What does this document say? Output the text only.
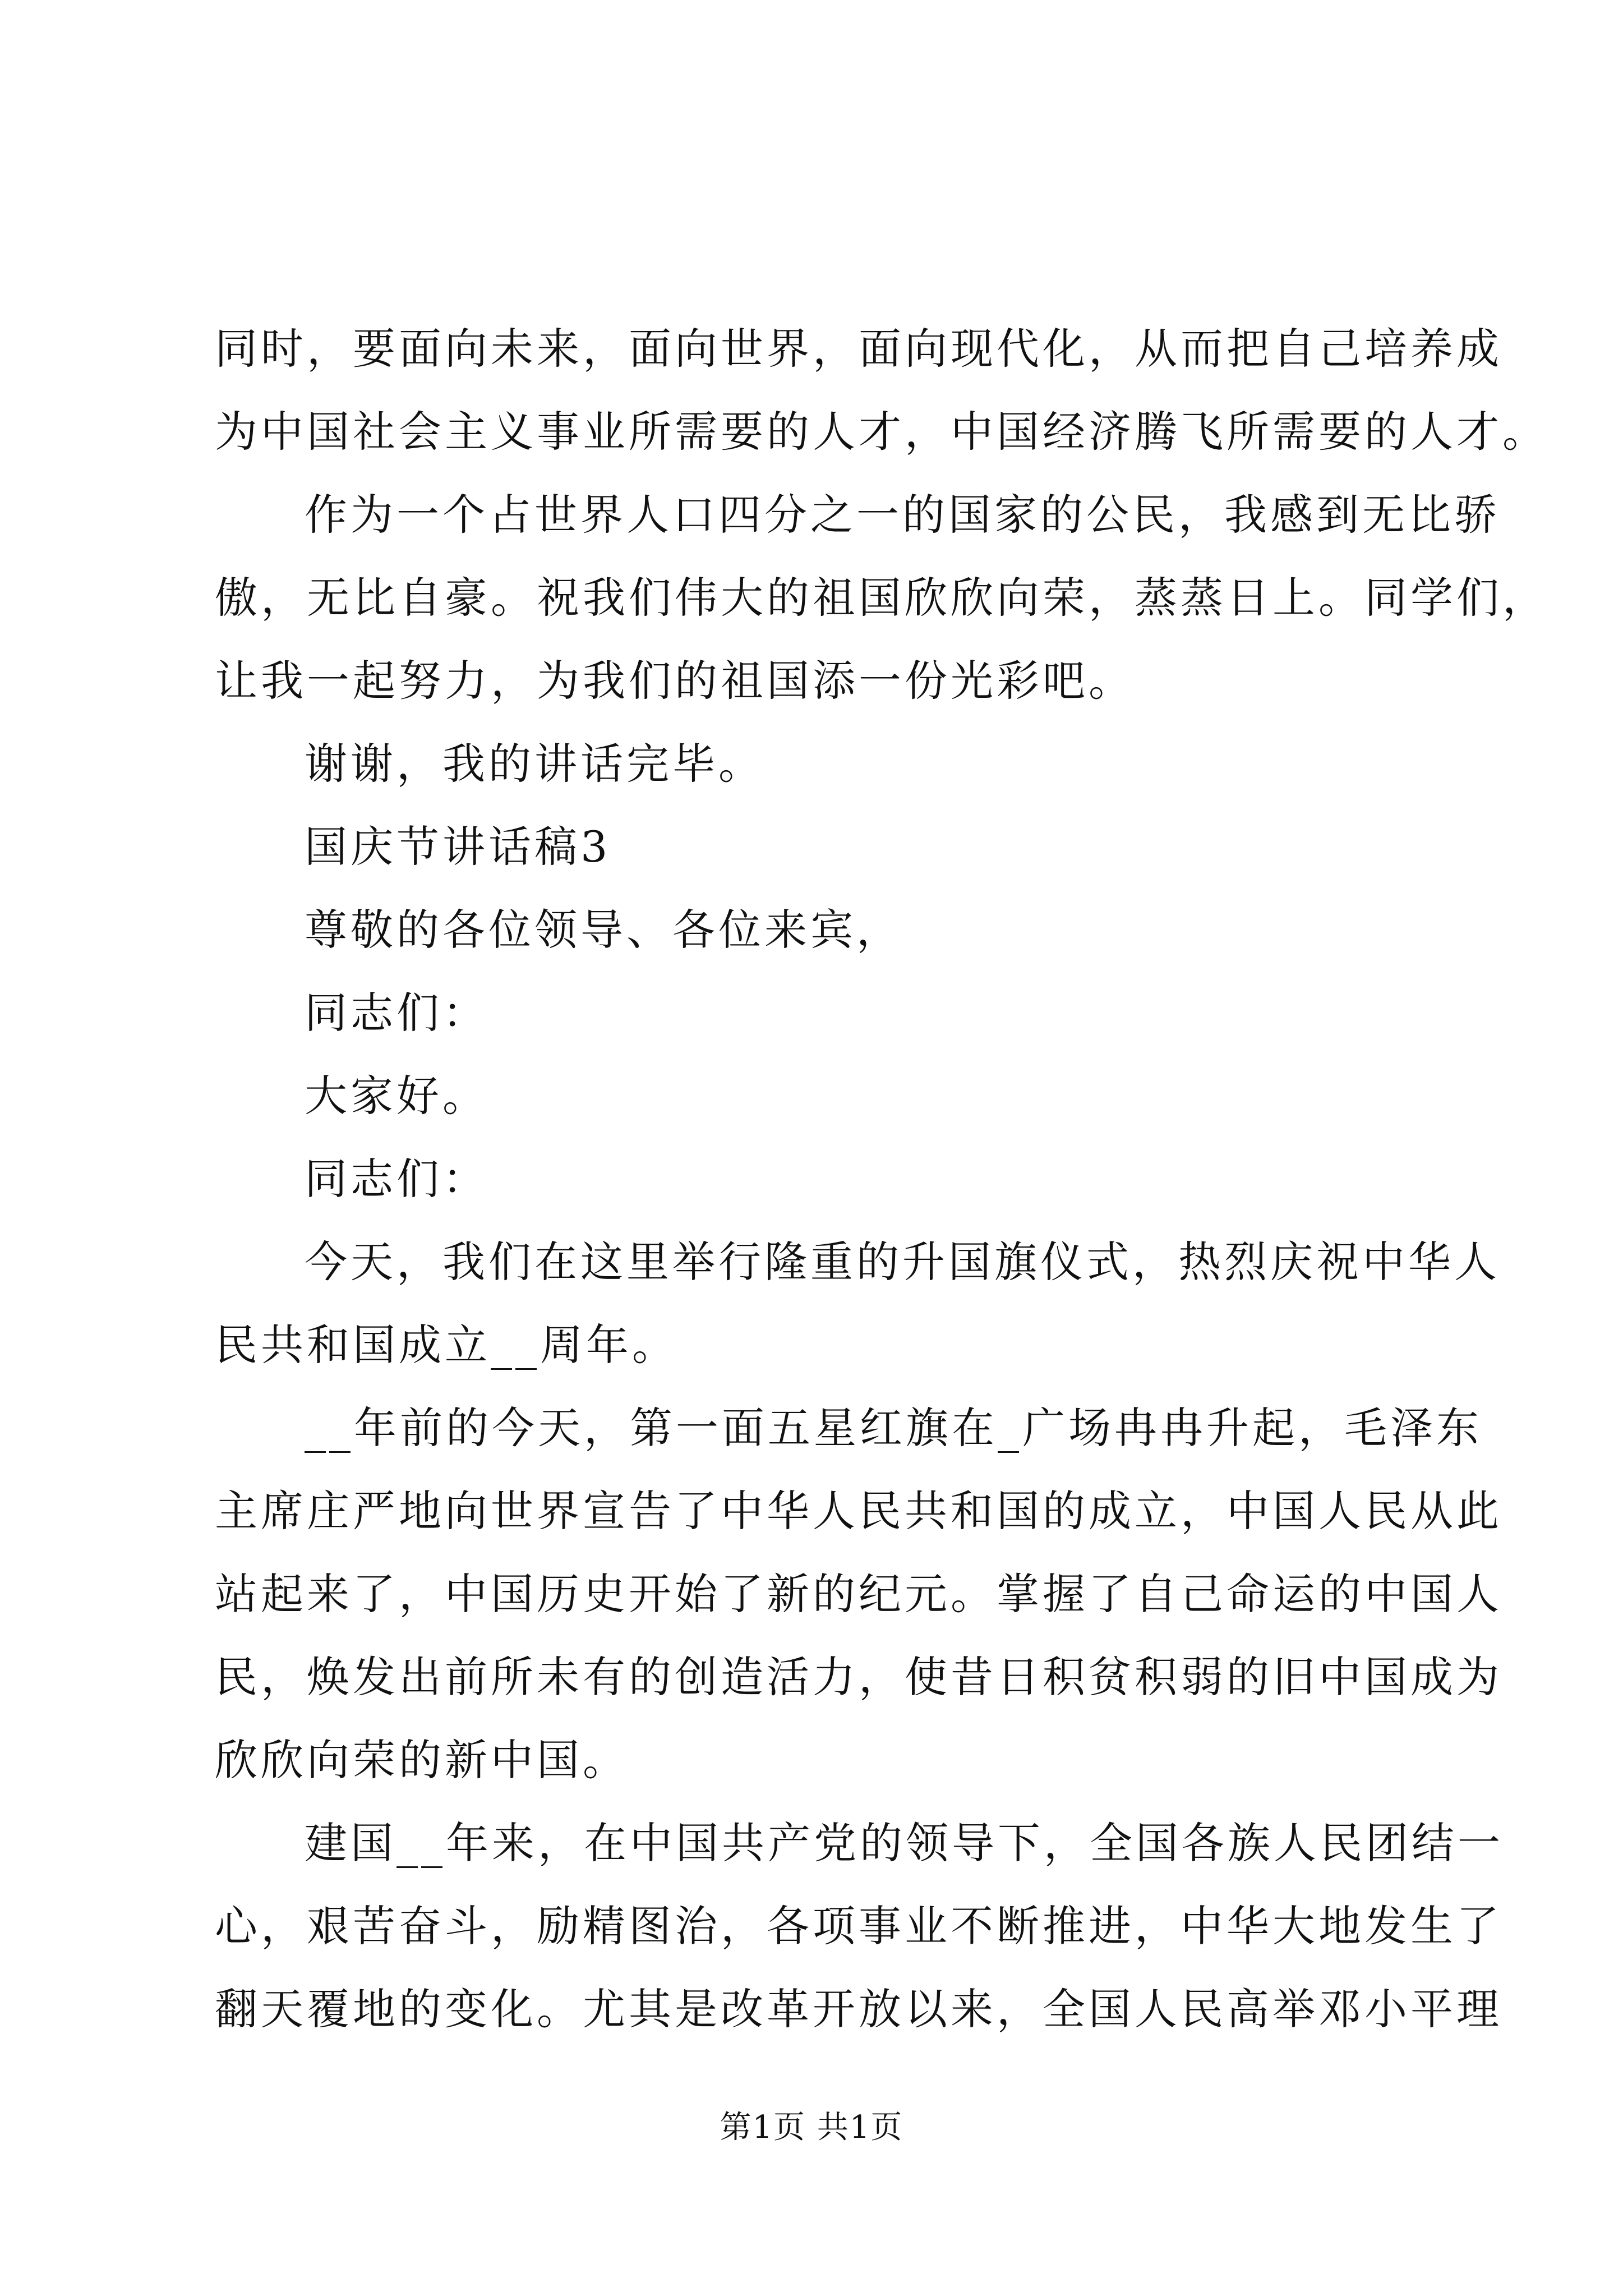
同时，要面向未来，面向世界，面向现代化，从而把自己培养成
为中国社会主义事业所需要的人才，中国经济腾飞所需要的人才。
作为一个占世界人口四分之一的国家的公民，我感到无比骄
傲，无比自豪。祝我们伟大的祖国欣欣向荣，蒸蒸日上。同学们，
让我一起努力，为我们的祖国添一份光彩吧。
谢谢，我的讲话完毕。
国庆节讲话稿3
尊敬的各位领导、各位来宾，
同志们：
大家好。
同志们：
今天，我们在这里举行隆重的升国旗仪式，热烈庆祝中华人
民共和国成立__周年。
__年前的今天，第一面五星红旗在_广场冉冉升起，毛泽东
主席庄严地向世界宣告了中华人民共和国的成立，中国人民从此
站起来了，中国历史开始了新的纪元。掌握了自己命运的中国人
民，焕发出前所未有的创造活力，使昔日积贫积弱的旧中国成为
欣欣向荣的新中国。
建国__年来，在中国共产党的领导下，全国各族人民团结一
心，艰苦奋斗，励精图治，各项事业不断推进，中华大地发生了
翻天覆地的变化。尤其是改革开放以来，全国人民高举邓小平理
第1页 共1页
